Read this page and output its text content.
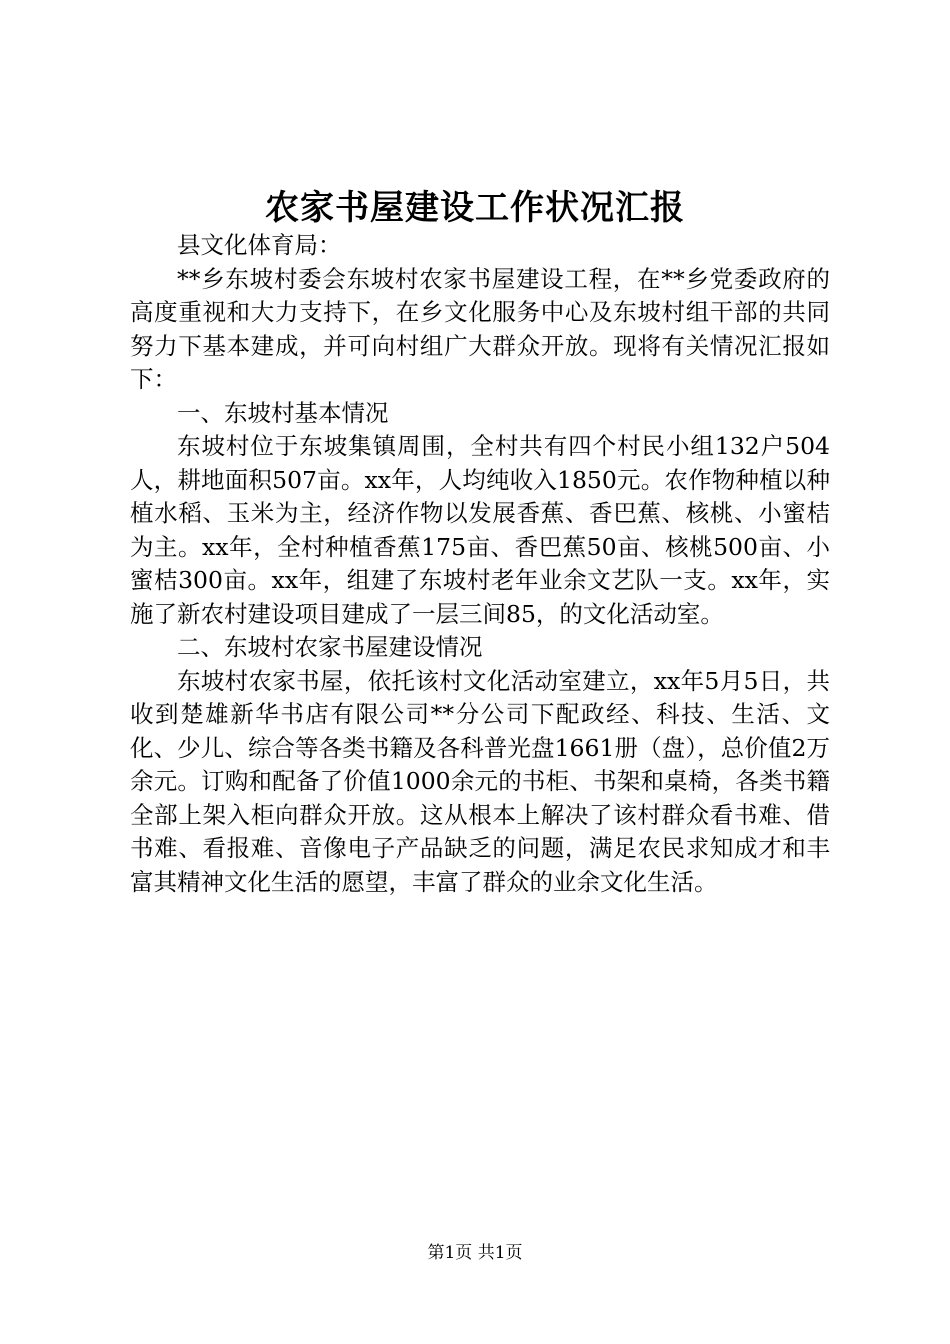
农家书屋建设工作状况汇报

县文化体育局：

**乡东坡村委会东坡村农家书屋建设工程，在**乡党委政府的高度重视和大力支持下，在乡文化服务中心及东坡村组干部的共同努力下基本建成，并可向村组广大群众开放。现将有关情况汇报如下：

一、东坡村基本情况

东坡村位于东坡集镇周围，全村共有四个村民小组132户504人，耕地面积507亩。xx年，人均纯收入1850元。农作物种植以种植水稻、玉米为主，经济作物以发展香蕉、香巴蕉、核桃、小蜜桔为主。xx年，全村种植香蕉175亩、香巴蕉50亩、核桃500亩、小蜜桔300亩。xx年，组建了东坡村老年业余文艺队一支。xx年，实施了新农村建设项目建成了一层三间85，的文化活动室。

二、东坡村农家书屋建设情况

东坡村农家书屋，依托该村文化活动室建立，xx年5月5日，共收到楚雄新华书店有限公司**分公司下配政经、科技、生活、文化、少儿、综合等各类书籍及各科普光盘1661册（盘），总价值2万余元。订购和配备了价值1000余元的书柜、书架和桌椅，各类书籍全部上架入柜向群众开放。这从根本上解决了该村群众看书难、借书难、看报难、音像电子产品缺乏的问题，满足农民求知成才和丰富其精神文化生活的愿望，丰富了群众的业余文化生活。

第1页 共1页
